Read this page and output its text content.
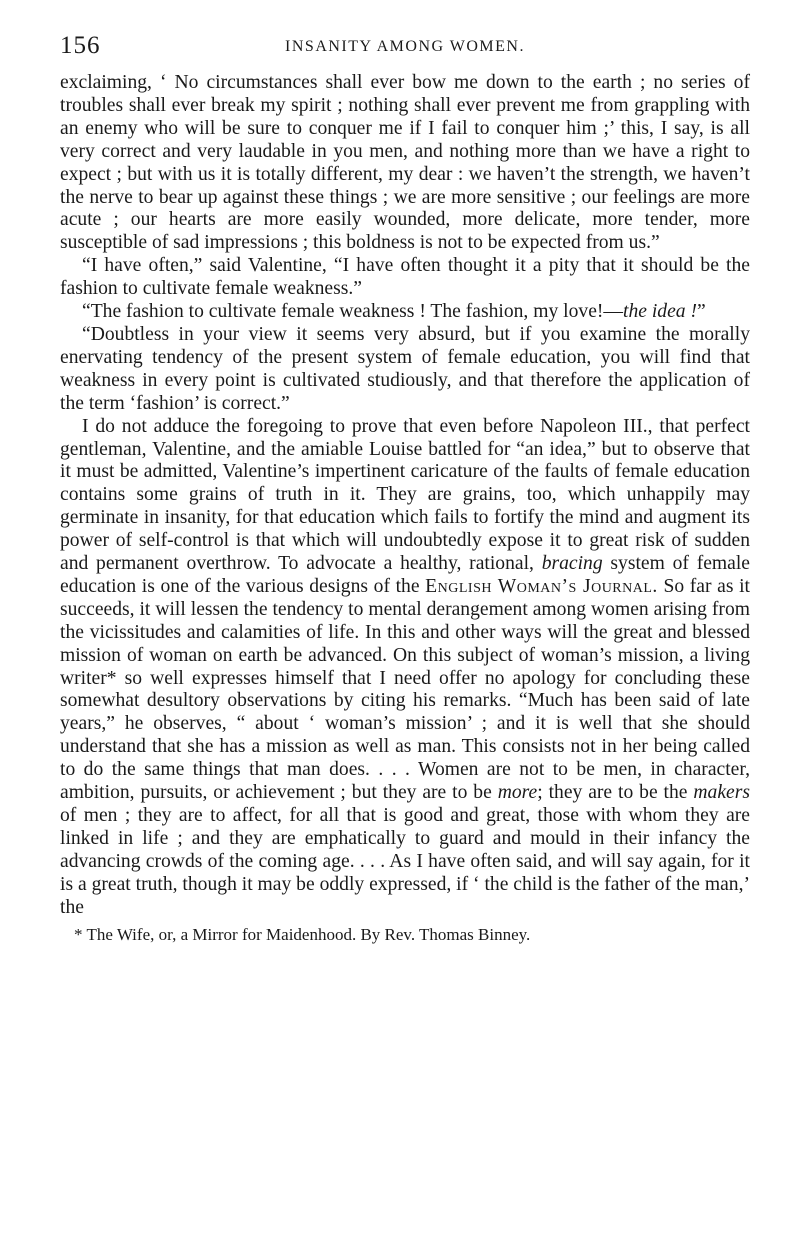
156	INSANITY AMONG WOMEN.

exclaiming, ‘ No circumstances shall ever bow me down to the earth ; no series of troubles shall ever break my spirit ; nothing shall ever prevent me from grappling with an enemy who will be sure to conquer me if I fail to conquer him ;’ this, I say, is all very correct and very laudable in you men, and nothing more than we have a right to expect ; but with us it is totally different, my dear : we haven’t the strength, we haven’t the nerve to bear up against these things ; we are more sensitive ; our feelings are more acute ; our hearts are more easily wounded, more delicate, more tender, more susceptible of sad impressions ; this boldness is not to be expected from us.”

“I have often,” said Valentine, “I have often thought it a pity that it should be the fashion to cultivate female weakness.”

“The fashion to cultivate female weakness ! The fashion, my love!—the idea !”

“Doubtless in your view it seems very absurd, but if you examine the morally enervating tendency of the present system of female education, you will find that weakness in every point is cultivated studiously, and that therefore the application of the term ‘fashion’ is correct.”

I do not adduce the foregoing to prove that even before Napoleon III., that perfect gentleman, Valentine, and the amiable Louise battled for “an idea,” but to observe that it must be admitted, Valentine’s impertinent caricature of the faults of female education contains some grains of truth in it. They are grains, too, which unhappily may germinate in insanity, for that education which fails to fortify the mind and augment its power of self-control is that which will undoubtedly expose it to great risk of sudden and permanent overthrow. To advocate a healthy, rational, bracing system of female education is one of the various designs of the English Woman’s Journal. So far as it succeeds, it will lessen the tendency to mental derangement among women arising from the vicissitudes and calamities of life. In this and other ways will the great and blessed mission of woman on earth be advanced. On this subject of woman’s mission, a living writer* so well expresses himself that I need offer no apology for concluding these somewhat desultory observations by citing his remarks. “Much has been said of late years,” he observes, “ about ‘ woman’s mission’ ; and it is well that she should understand that she has a mission as well as man. This consists not in her being called to do the same things that man does. . . . Women are not to be men, in character, ambition, pursuits, or achievement ; but they are to be more; they are to be the makers of men ; they are to affect, for all that is good and great, those with whom they are linked in life ; and they are emphatically to guard and mould in their infancy the advancing crowds of the coming age. . . . As I have often said, and will say again, for it is a great truth, though it may be oddly expressed, if ‘ the child is the father of the man,’ the

* The Wife, or, a Mirror for Maidenhood. By Rev. Thomas Binney.
